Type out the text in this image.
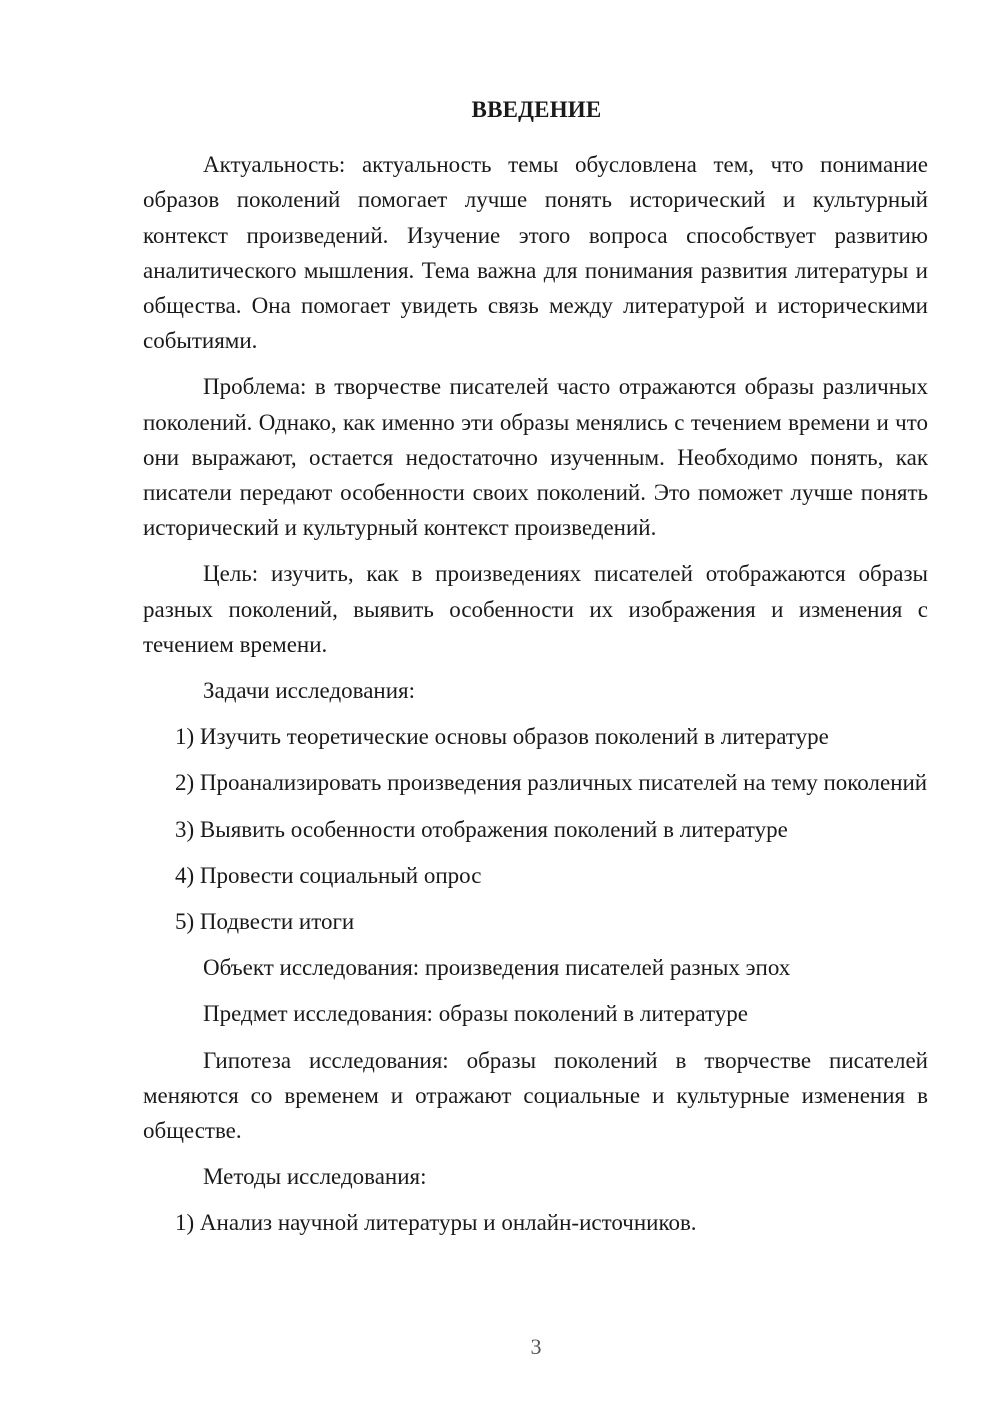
ВВЕДЕНИЕ

Актуальность: актуальность темы обусловлена тем, что понимание образов поколений помогает лучше понять исторический и культурный контекст произведений. Изучение этого вопроса способствует развитию аналитического мышления. Тема важна для понимания развития литературы и общества. Она помогает увидеть связь между литературой и историческими событиями.

Проблема: в творчестве писателей часто отражаются образы различных поколений. Однако, как именно эти образы менялись с течением времени и что они выражают, остается недостаточно изученным. Необходимо понять, как писатели передают особенности своих поколений. Это поможет лучше понять исторический и культурный контекст произведений.

Цель: изучить, как в произведениях писателей отображаются образы разных поколений, выявить особенности их изображения и изменения с течением времени.

Задачи исследования:

1) Изучить теоретические основы образов поколений в литературе

2) Проанализировать произведения различных писателей на тему поколений

3) Выявить особенности отображения поколений в литературе

4) Провести социальный опрос

5) Подвести итоги

Объект исследования: произведения писателей разных эпох

Предмет исследования: образы поколений в литературе

Гипотеза исследования: образы поколений в творчестве писателей меняются со временем и отражают социальные и культурные изменения в обществе.

Методы исследования:

1) Анализ научной литературы и онлайн-источников.

3
